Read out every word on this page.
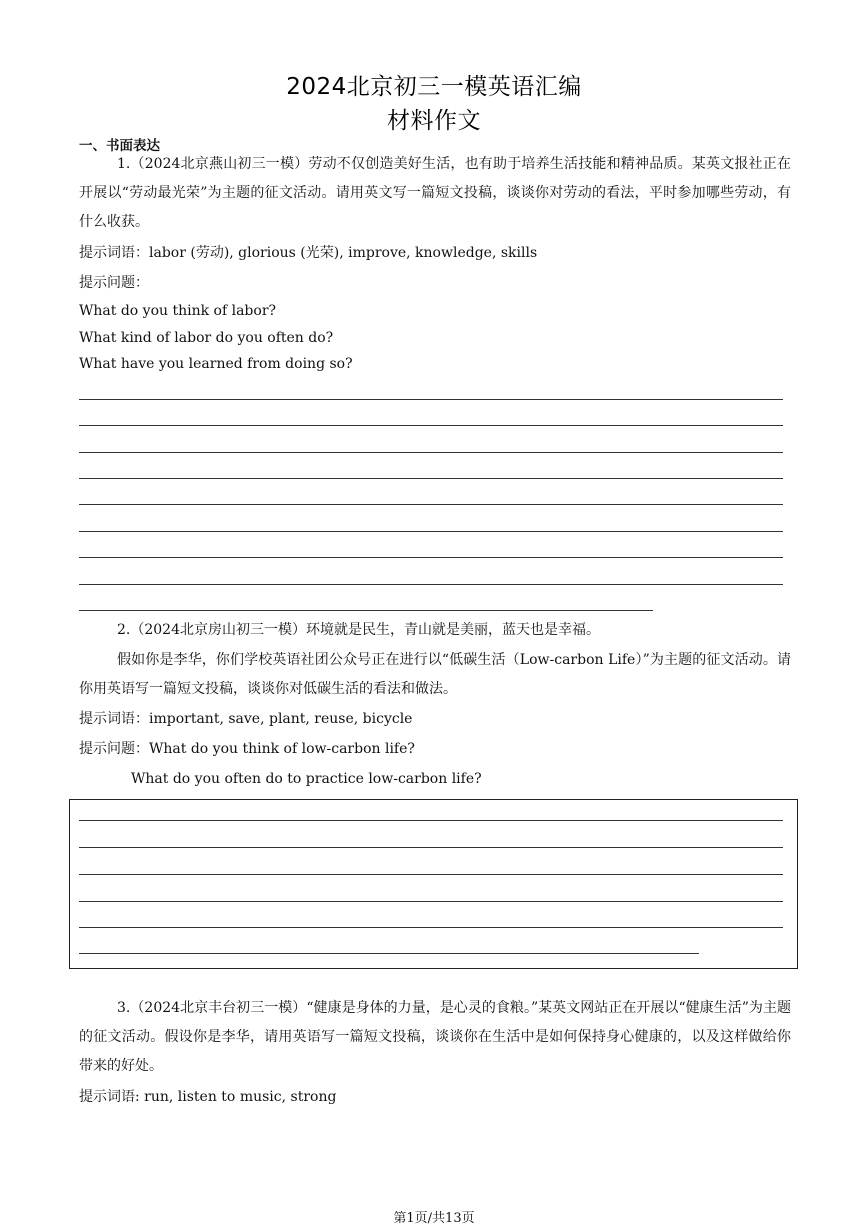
2024北京初三一模英语汇编
材料作文
一、书面表达
1.（2024北京燕山初三一模）劳动不仅创造美好生活，也有助于培养生活技能和精神品质。某英文报社正在开展以“劳动最光荣”为主题的征文活动。请用英文写一篇短文投稿，谈谈你对劳动的看法，平时参加哪些劳动，有什么收获。
提示词语：labor (劳动), glorious (光荣), improve, knowledge, skills
提示问题：
What do you think of labor?
What kind of labor do you often do?
What have you learned from doing so?
2.（2024北京房山初三一模）环境就是民生，青山就是美丽，蓝天也是幸福。
假如你是李华，你们学校英语社团公众号正在进行以“低碳生活（Low-carbon Life）”为主题的征文活动。请你用英语写一篇短文投稿，谈谈你对低碳生活的看法和做法。
提示词语：important, save, plant, reuse, bicycle
提示问题：What do you think of low-carbon life?
What do you often do to practice low-carbon life?
3.（2024北京丰台初三一模）“健康是身体的力量，是心灵的食粮。”某英文网站正在开展以“健康生活”为主题的征文活动。假设你是李华，请用英语写一篇短文投稿，谈谈你在生活中是如何保持身心健康的，以及这样做给你带来的好处。
提示词语: run, listen to music, strong
第1页/共13页
